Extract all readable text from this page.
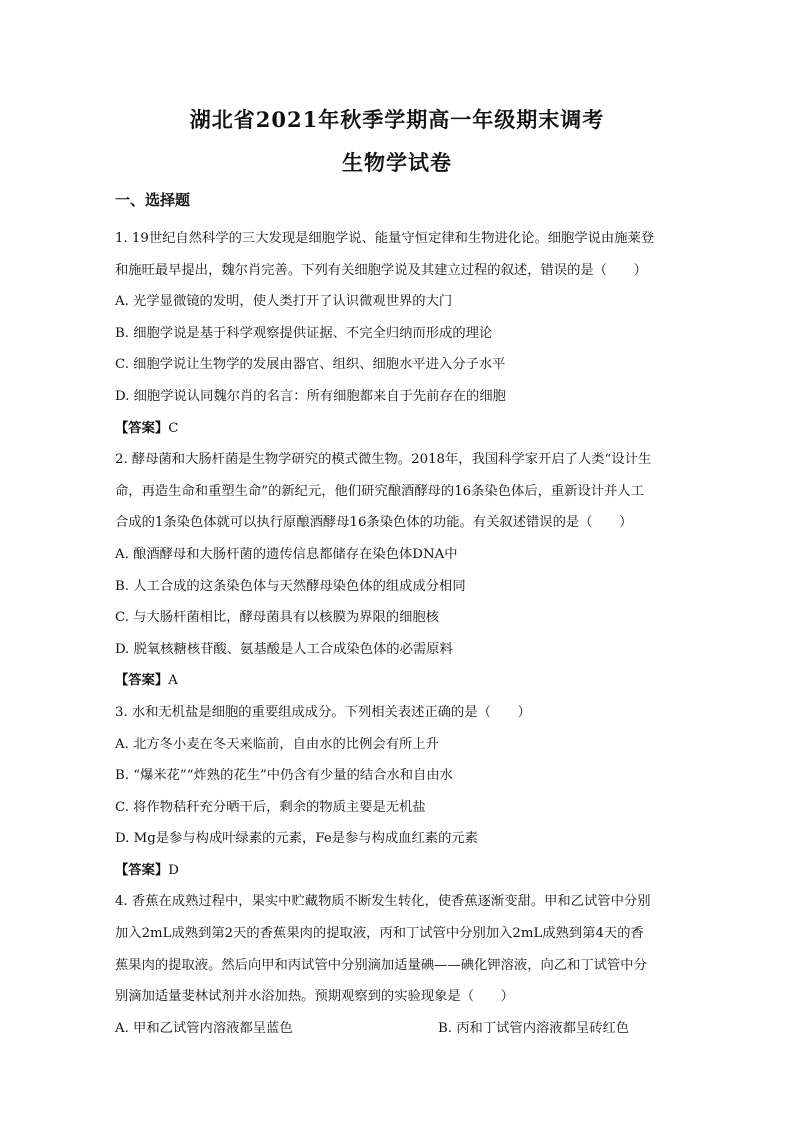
湖北省2021年秋季学期高一年级期末调考
生物学试卷
一、选择题
1. 19世纪自然科学的三大发现是细胞学说、能量守恒定律和生物进化论。细胞学说由施莱登
和施旺最早提出，魏尔肖完善。下列有关细胞学说及其建立过程的叙述，错误的是（　　）
A. 光学显微镜的发明，使人类打开了认识微观世界的大门
B. 细胞学说是基于科学观察提供证据、不完全归纳而形成的理论
C. 细胞学说让生物学的发展由器官、组织、细胞水平进入分子水平
D. 细胞学说认同魏尔肖的名言：所有细胞都来自于先前存在的细胞
【答案】C
2. 酵母菌和大肠杆菌是生物学研究的模式微生物。2018年，我国科学家开启了人类“设计生
命，再造生命和重塑生命”的新纪元，他们研究酿酒酵母的16条染色体后，重新设计并人工
合成的1条染色体就可以执行原酿酒酵母16条染色体的功能。有关叙述错误的是（　　）
A. 酿酒酵母和大肠杆菌的遗传信息都储存在染色体DNA中
B. 人工合成的这条染色体与天然酵母染色体的组成成分相同
C. 与大肠杆菌相比，酵母菌具有以核膜为界限的细胞核
D. 脱氧核糖核苷酸、氨基酸是人工合成染色体的必需原料
【答案】A
3. 水和无机盐是细胞的重要组成成分。下列相关表述正确的是（　　）
A. 北方冬小麦在冬天来临前，自由水的比例会有所上升
B. “爆米花”“炸熟的花生”中仍含有少量的结合水和自由水
C. 将作物秸秆充分晒干后，剩余的物质主要是无机盐
D. Mg是参与构成叶绿素的元素，Fe是参与构成血红素的元素
【答案】D
4. 香蕉在成熟过程中，果实中贮藏物质不断发生转化，使香蕉逐渐变甜。甲和乙试管中分别
加入2mL成熟到第2天的香蕉果肉的提取液，丙和丁试管中分别加入2mL成熟到第4天的香
蕉果肉的提取液。然后向甲和丙试管中分别滴加适量碘——碘化钾溶液，向乙和丁试管中分
别滴加适量斐林试剂并水浴加热。预期观察到的实验现象是（　　）
A. 甲和乙试管内溶液都呈蓝色	B. 丙和丁试管内溶液都呈砖红色
